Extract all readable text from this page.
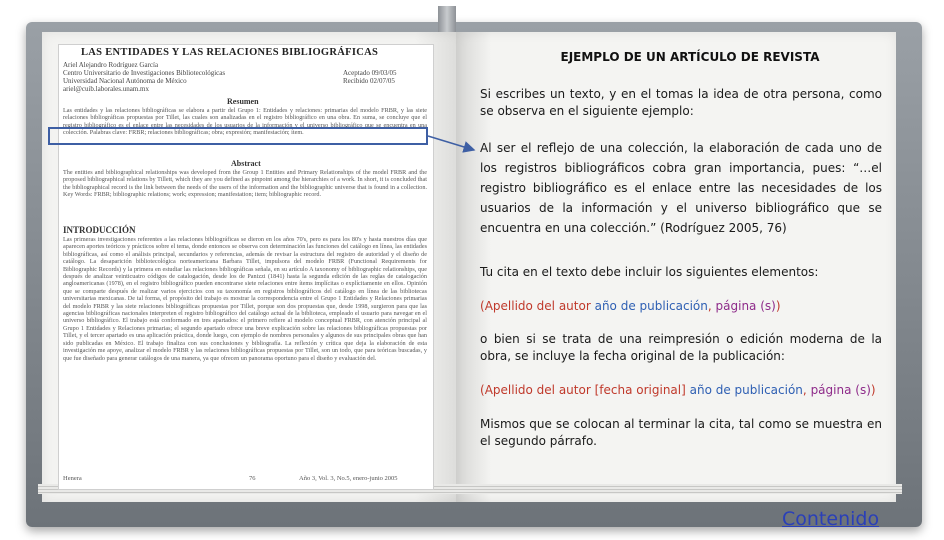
LAS ENTIDADES Y LAS RELACIONES BIBLIOGRÁFICAS
Ariel Alejandro Rodríguez García
Centro Universitario de Investigaciones Bibliotecológicas
Universidad Nacional Autónoma de México
ariel@cuib.laborales.unam.mx
Aceptado 09/03/05
Recibido 02/07/05
Resumen
Las entidades y las relaciones bibliográficas se elabora a partir del Grupo 1: Entidades y relaciones: primarias del modelo FRBR, y las siete relaciones bibliográficas propuestas por Tillet, las cuales son analizadas en el registro bibliográfico en una obra. En suma, se concluye que el registro bibliográfico es el enlace entre las necesidades de los usuarios de la información y el universo bibliográfico que se encuentra en una colección. Palabras clave: FRBR; relaciones bibliográficas; obra; expresión; manifestación; ítem.
Abstract
The entities and bibliographical relationships was developed from the Group 1 Entities and Primary Relationships of the model FRBR and the proposed bibliographical relations by Tillett, which they are you defined as pinpoint among the hierarchies of a work. In short, it is concluded that the bibliographical record is the link between the needs of the users of the information and the bibliographic universe that is found in a collection. Key Words: FRBR; bibliographic relations; work; expression; manifestation; item; bibliographic record.
INTRODUCCIÓN
Las primeras investigaciones referentes a las relaciones bibliográficas se dieron en los años 70's, pero es para los 80's y hasta nuestros días que aparecen aportes teóricos y prácticos sobre el tema, donde entonces se observa con determinación las funciones del catálogo en línea, las entidades bibliográficas, así como el análisis principal, secundarios y referencias, además de revisar la estructura del registro de autoridad y el diseño de catálogo. La desaparición bibliotecológica norteamericana Barbara Tillet, impulsora del modelo FRBR (Functional Requirements for Bibliographic Records) y la primera en estudiar las relaciones bibliográficas señala, en su artículo A taxonomy of bibliographic relationships, que después de analizar veinticuatro códigos de catalogación, desde los de Panizzi (1841) hasta la segunda edición de las reglas de catalogación angloamericanas (1978), en el registro bibliográfico pueden encontrarse siete relaciones entre ítems implícitas o explícitamente en ellos. Opinión que se comparte después de realizar varios ejercicios con su taxonomía en registros bibliográficos del catálogo en línea de las bibliotecas universitarias mexicanas. De tal forma, el propósito del trabajo es mostrar la correspondencia entre el Grupo 1 Entidades y Relaciones primarias del modelo FRBR y las siete relaciones bibliográficas propuestas por Tillet, porque son dos propuestas que, desde 1998, surgieron para que las agencias bibliográficas nacionales interpreten el registro bibliográfico del catálogo actual de la biblioteca, empleado el usuario para navegar en el universo bibliográfico. El trabajo está conformado en tres apartados: el primero refiere al modelo conceptual FRBR, con atención principal al Grupo 1 Entidades y Relaciones primarias; el segundo apartado ofrece una breve explicación sobre las relaciones bibliográficas propuestas por Tillet, y el tercer apartado es una aplicación práctica, donde luego, con ejemplo de nombres personales y algunos de sus principales obras que han sido publicadas en México. El trabajo finaliza con sus conclusiones y bibliografía. La reflexión y crítica que deja la elaboración de esta investigación me apoye, analizar el modelo FRBR y las relaciones bibliográficas propuestas por Tillet, son un todo, que para teóricas buscadas, y que fue diseñado para generar catálogos de una manera, ya que ofrecen un panorama oportuno para el diseño y evaluación del.
Henera	76	Año 3, Vol. 3, No.5, enero-junio 2005
EJEMPLO DE UN ARTÍCULO DE REVISTA
Si escribes un texto, y en el tomas la idea de otra persona, como se observa en el siguiente ejemplo:
Al ser el reflejo de una colección, la elaboración de cada uno de los registros bibliográficos cobra gran importancia, pues: “…el registro bibliográfico es el enlace entre las necesidades de los usuarios de la información y el universo bibliográfico que se encuentra en una colección.” (Rodríguez 2005, 76)
Tu cita en el texto debe incluir los siguientes elementos:
(Apellido del autor año de publicación, página (s))
o bien si se trata de una reimpresión o edición moderna de la obra, se incluye la fecha original de la publicación:
(Apellido del autor [fecha original] año de publicación, página (s))
Mismos que se colocan al terminar la cita, tal como se muestra en el segundo párrafo.
Contenido
